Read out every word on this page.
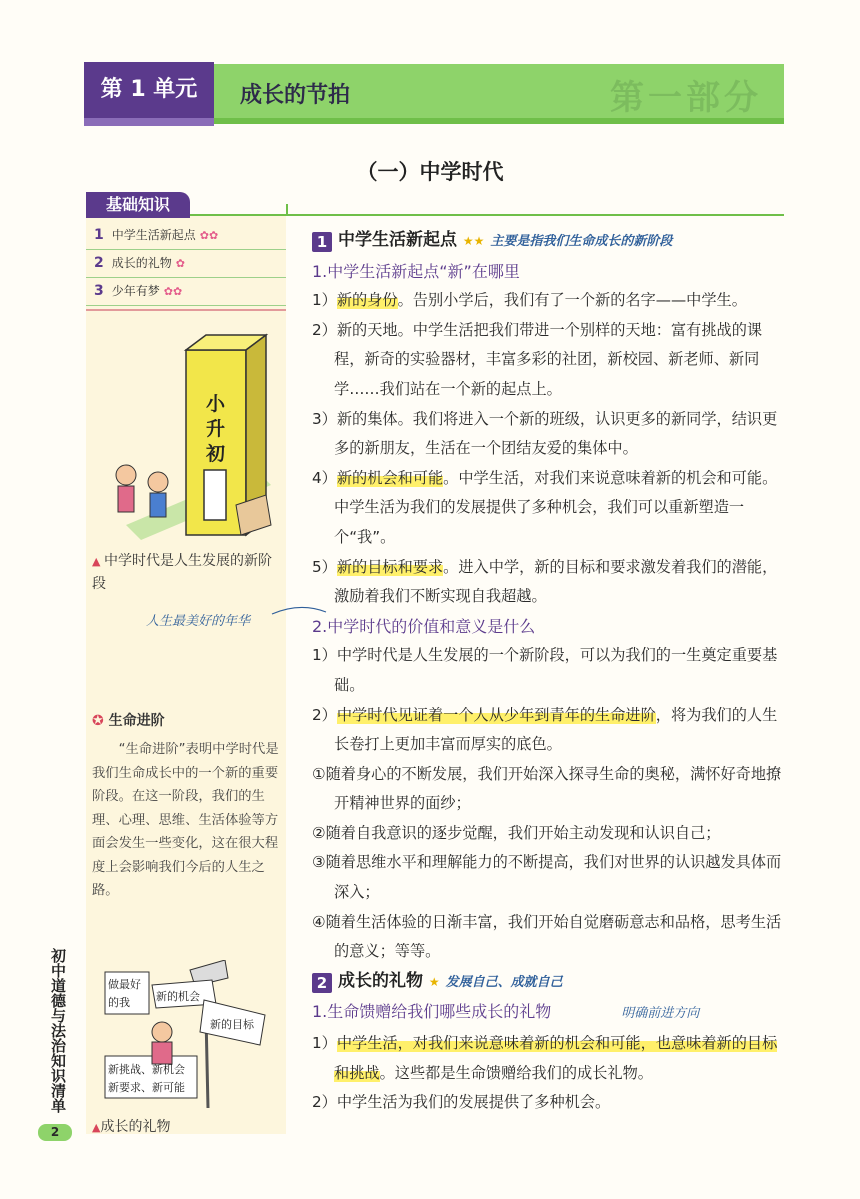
第一部分
第 1 单元	成长的节拍
（一）中学时代
基础知识
1 中学生活新起点 ✿✿
2 成长的礼物 ✿
3 少年有梦 ✿✿
小
升
初
▲ 中学时代是人生发展的新阶段
人生最美好的年华
✪ 生命进阶
“生命进阶”表明中学时代是我们生命成长中的一个新的重要阶段。在这一阶段，我们的生理、心理、思维、生活体验等方面会发生一些变化，这在很大程度上会影响我们今后的人生之路。
做最好
的我 新的机会
新的目标
新挑战、新机会
新要求、新可能
▲成长的礼物
初中道德与法治知识清单
2
1 中学生活新起点 ★★ 主要是指我们生命成长的新阶段
1.中学生活新起点“新”在哪里
1）新的身份。告别小学后，我们有了一个新的名字——中学生。
2）新的天地。中学生活把我们带进一个别样的天地：富有挑战的课程，新奇的实验器材，丰富多彩的社团，新校园、新老师、新同学……我们站在一个新的起点上。
3）新的集体。我们将进入一个新的班级，认识更多的新同学，结识更多的新朋友，生活在一个团结友爱的集体中。
4）新的机会和可能。中学生活，对我们来说意味着新的机会和可能。中学生活为我们的发展提供了多种机会，我们可以重新塑造一个“我”。
5）新的目标和要求。进入中学，新的目标和要求激发着我们的潜能，激励着我们不断实现自我超越。
2.中学时代的价值和意义是什么
1）中学时代是人生发展的一个新阶段，可以为我们的一生奠定重要基础。
2）中学时代见证着一个人从少年到青年的生命进阶，将为我们的人生长卷打上更加丰富而厚实的底色。
①随着身心的不断发展，我们开始深入探寻生命的奥秘，满怀好奇地撩开精神世界的面纱；
②随着自我意识的逐步觉醒，我们开始主动发现和认识自己；
③随着思维水平和理解能力的不断提高，我们对世界的认识越发具体而深入；
④随着生活体验的日渐丰富，我们开始自觉磨砺意志和品格，思考生活的意义；等等。
2 成长的礼物 ★ 发展自己、成就自己
1.生命馈赠给我们哪些成长的礼物	明确前进方向
1）中学生活，对我们来说意味着新的机会和可能，也意味着新的目标和挑战。这些都是生命馈赠给我们的成长礼物。
2）中学生活为我们的发展提供了多种机会。
